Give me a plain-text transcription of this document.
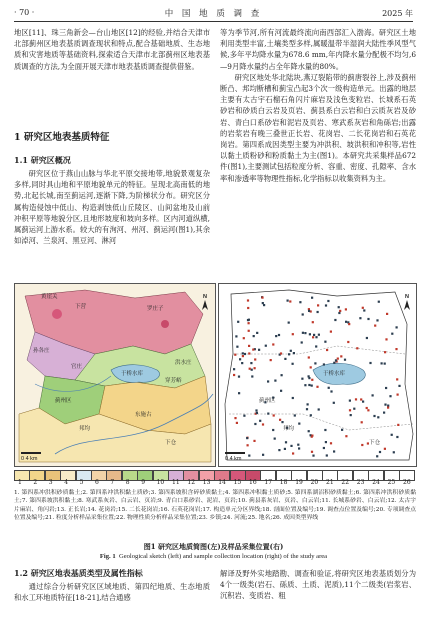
· 70 ·	中 国 地 质 调 查	2025 年

地区[11]、珠三角新会—台山地区[12]的经验,并结合天津市北部蓟州区地表基质调查现状和特点,配合基础地质、生态地质和灾害地质等基础资料,探索适合天津市北部蓟州区地表基质调查的方法,为全面开展天津市地表基质调查提供借鉴。

1 研究区地表基质特征
1.1 研究区概况

研究区位于燕山山脉与华北平原交接地带,地貌景观复杂多样,同时具山地和平原地貌单元的特征。呈现北高南低的地势,北起长城,南至蓟运河,逐渐下降,为阶梯状分布。研究区分属构造侵蚀中低山、构造剥蚀低山丘陵区、山间盆地及山前冲积平原等地貌分区,且地形坡度和坡向多样。区内河道纵横,属蓟运河上游水系。较大的有洵河、州河、蓟运河(图1),其余如淖河、兰泉河、黑豆河、淋河

等为季节河,所有河流最终流向南西部汇入渤海。研究区土地利用类型丰富,土壤类型多样,属暖温带半湿润大陆性季风型气候,多年平均降水量为678.6 mm,年内降水量分配极不均匀,6—9月降水量约占全年降水量的80%。

研究区地处华北陆块,燕辽裂陷带的蓟唐裂谷上,涉及蓟州断凸、邦均断槽和蓟宝凸起3个次一级构造单元。出露的地层主要有太古宇石榴石角闪片麻岩及浅色变粒岩、长城系石英砂岩和砂质白云岩及页岩、蓟县系白云岩和白云质灰岩及砂岩、青白口系砂岩和泥岩及页岩、寒武系灰岩和角砾岩;出露的岩浆岩有晚三叠世正长岩、花岗岩、二长花岗岩和石英花岗岩。第四系成因类型主要为冲洪积、坡洪积和冲积等,岩性以黏土质粉砂和粉质黏土为主(图1)。本研究共采集样品672件(图1),主要测试包括粒度分析、容重、密度、孔隙率、含水率和渗透率等物理性指标,化学指标以收集资料为主。

黄崖关
下营	罗庄子
孙各庄
洪水庄
官庄
穿芳峪
于桥水库
蓟州区
东施古
邦均
下仓
0 4 km
N
于桥水库
蓟州区
下仓
邦均
0 4 km
N
1 2 3 4 5 6 7 8 9 10 11 12 13 14 15 16 17 18 19 20 21 22 23 24 25 26
1. 第四系冲洪积砂质黏土;2. 第四系冲洪积黏土质砂;3. 第四系坡积含碎砂质黏土;4. 第四系冲积黏土质砂;5. 第四系湖沼积砂质黏土;6. 第四系冲洪积砂质黏土;7. 第四系坡洪积黏土;8. 寒武系灰岩、白云岩、页岩;9. 青白口系砂岩、泥岩、页岩;10. 蓟县系灰岩、页岩、白云岩;11. 长城系砂岩、白云岩;12. 太古宇片麻岩、角闪岩;13. 正长岩;14. 花岗岩;15. 二长花岗岩;16. 石英花岗岩;17. 构造单元分区界线;18. 剖面位置及编号;19. 调查点位置及编号;20. 专项调查点位置及编号;21. 粒度分析样品采集位置;22. 物理性质分析样品采集位置;23. 乡镇;24. 河流;25. 地名;26. 成因类型界线
图1 研究区地质简图(左)及样品采集位置(右)
Fig. 1 Geological sketch (left) and sample collection location (right) of the study area
1.2 研究区地表基质类型及属性指标

通过综合分析研究区区域地质、第四纪地质、生态地质和水工环地质特征[18-21],结合通感

解译及野外实地踏勘、调查和验证,将研究区地表基质划分为4个一级类(岩石、砾质、土质、泥质),11个二级类(岩浆岩、沉积岩、变质岩、粗
